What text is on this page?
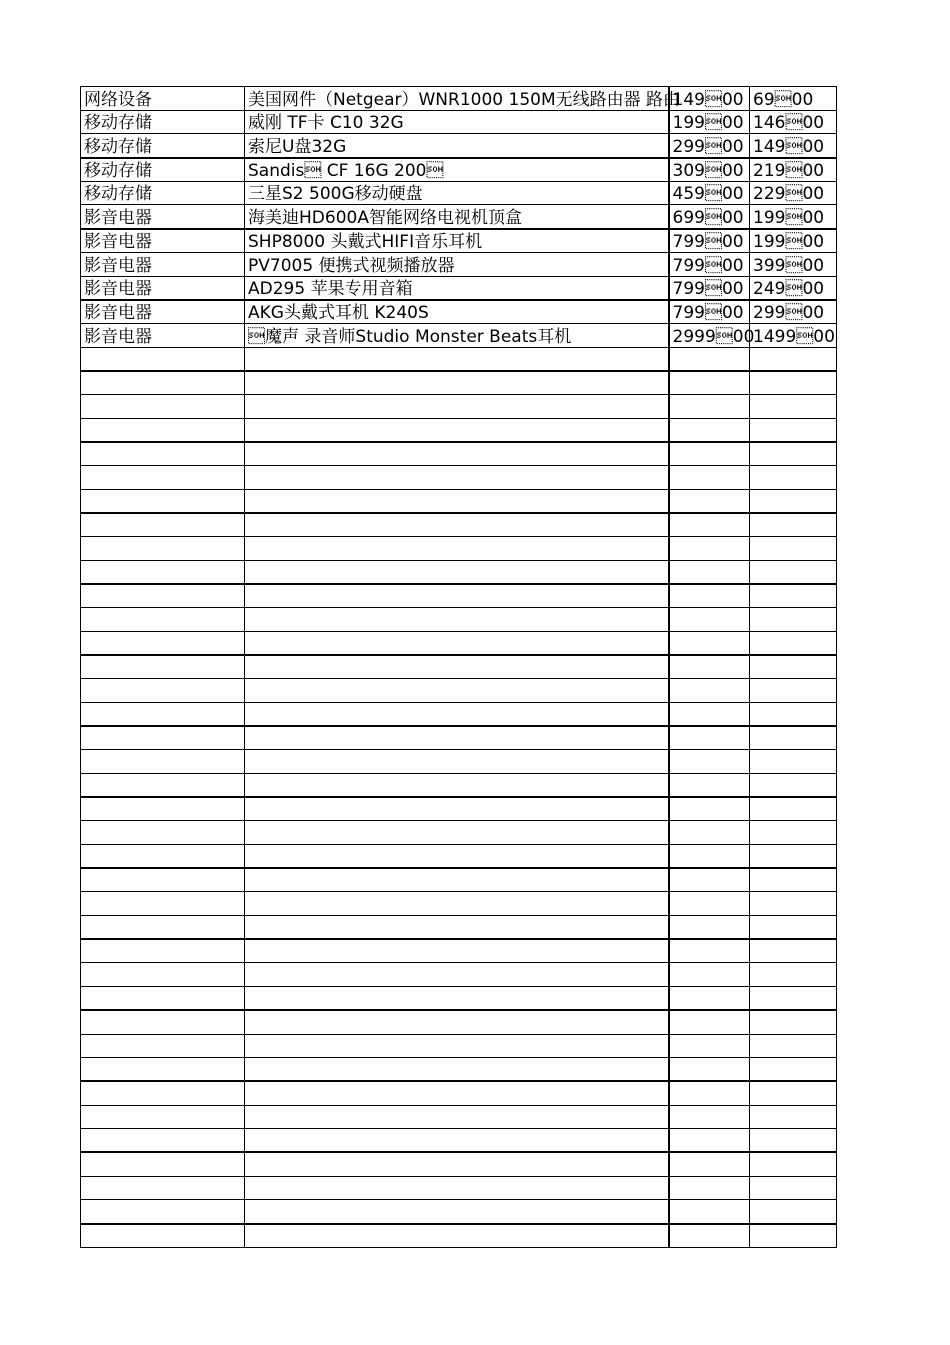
网络设备	美国网件（Netgear）WNR1000 150M无线路由器 路由	14900	6900
移动存储	威刚 TF卡 C10 32G	19900	14600
移动存储	索尼U盘32G	29900	14900
移动存储	Sandis CF 16G 200	30900	21900
移动存储	三星S2 500G移动硬盘	45900	22900
影音电器	海美迪HD600A智能网络电视机顶盒	69900	19900
影音电器	SHP8000 头戴式HIFI音乐耳机	79900	19900
影音电器	PV7005 便携式视频播放器	79900	39900
影音电器	AD295 苹果专用音箱	79900	24900
影音电器	AKG头戴式耳机 K240S	79900	29900
影音电器	魔声 录音师Studio Monster Beats耳机	299900	149900
